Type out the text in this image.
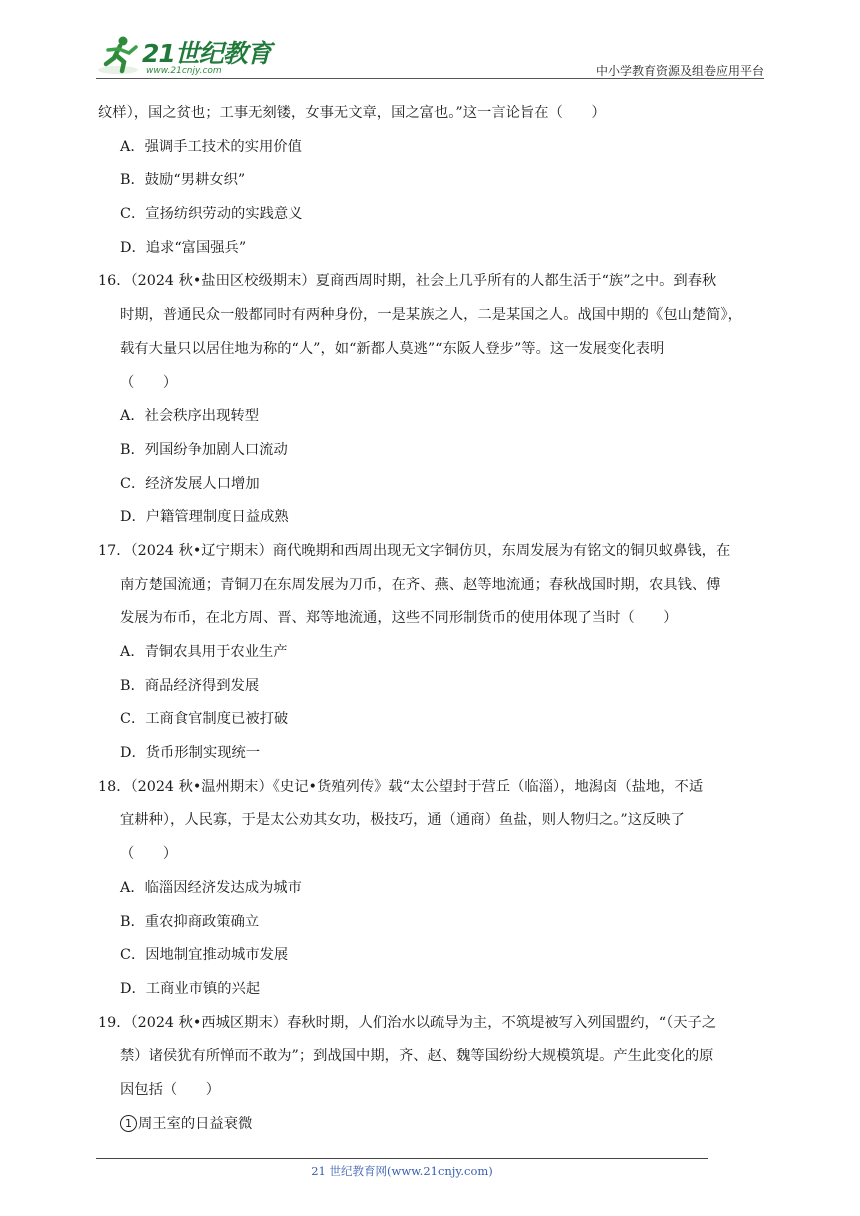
21世纪教育
www.21cnjy.com	中小学教育资源及组卷应用平台
纹样），国之贫也；工事无刻镂，女事无文章，国之富也。”这一言论旨在（　　）
A．强调手工技术的实用价值
B．鼓励“男耕女织”
C．宣扬纺织劳动的实践意义
D．追求“富国强兵”
16．（2024 秋•盐田区校级期末）夏商西周时期，社会上几乎所有的人都生活于“族”之中。到春秋
时期，普通民众一般都同时有两种身份，一是某族之人，二是某国之人。战国中期的《包山楚简》，
载有大量只以居住地为称的“人”，如“新都人莫逃”“东阪人登步”等。这一发展变化表明
（　　）
A．社会秩序出现转型
B．列国纷争加剧人口流动
C．经济发展人口增加
D．户籍管理制度日益成熟
17．（2024 秋•辽宁期末）商代晚期和西周出现无文字铜仿贝，东周发展为有铭文的铜贝蚁鼻钱，在
南方楚国流通；青铜刀在东周发展为刀币，在齐、燕、赵等地流通；春秋战国时期，农具钱、傅
发展为布币，在北方周、晋、郑等地流通，这些不同形制货币的使用体现了当时（　　）
A．青铜农具用于农业生产
B．商品经济得到发展
C．工商食官制度已被打破
D．货币形制实现统一
18．（2024 秋•温州期末）《史记•货殖列传》载“太公望封于营丘（临淄），地潟卤（盐地，不适
宜耕种），人民寡，于是太公劝其女功，极技巧，通（通商）鱼盐，则人物归之。”这反映了
（　　）
A．临淄因经济发达成为城市
B．重农抑商政策确立
C．因地制宜推动城市发展
D．工商业市镇的兴起
19．（2024 秋•西城区期末）春秋时期，人们治水以疏导为主，不筑堤被写入列国盟约，“（天子之
禁）诸侯犹有所惮而不敢为”；到战国中期，齐、赵、魏等国纷纷大规模筑堤。产生此变化的原
因包括（　　）
1 周王室的日益衰微
21 世纪教育网(www.21cnjy.com)
